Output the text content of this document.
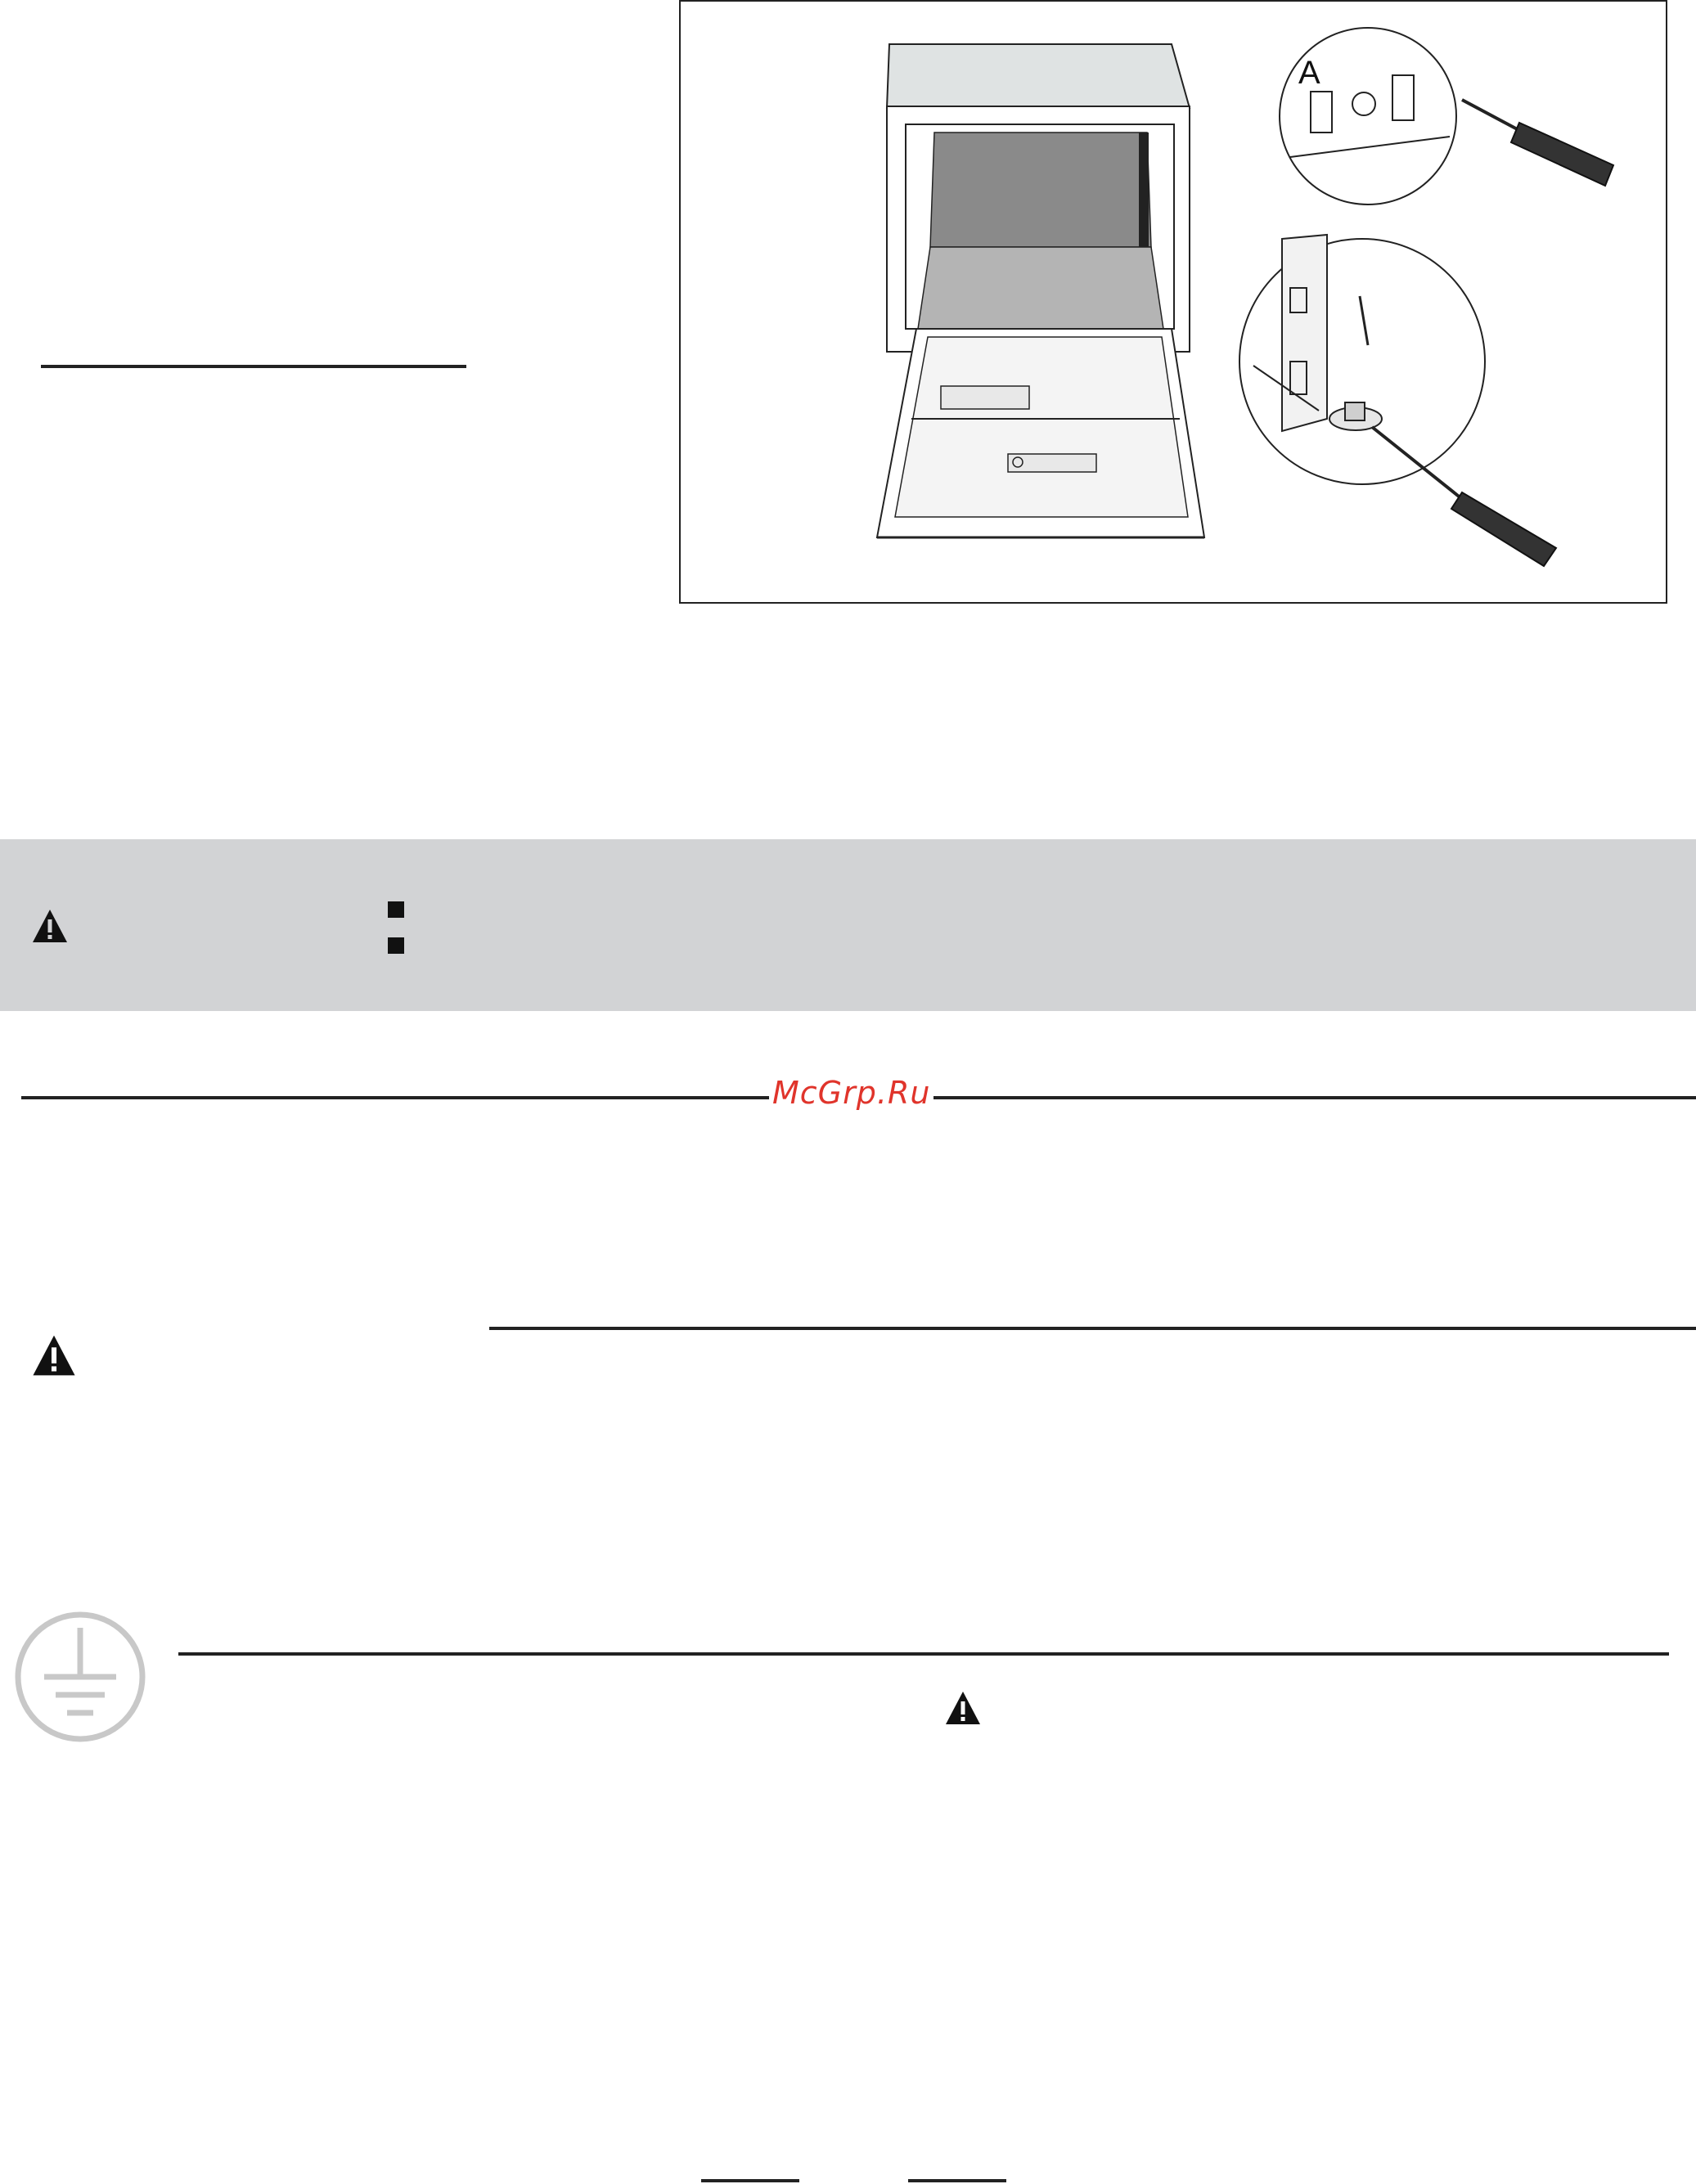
A
McGrp.Ru
